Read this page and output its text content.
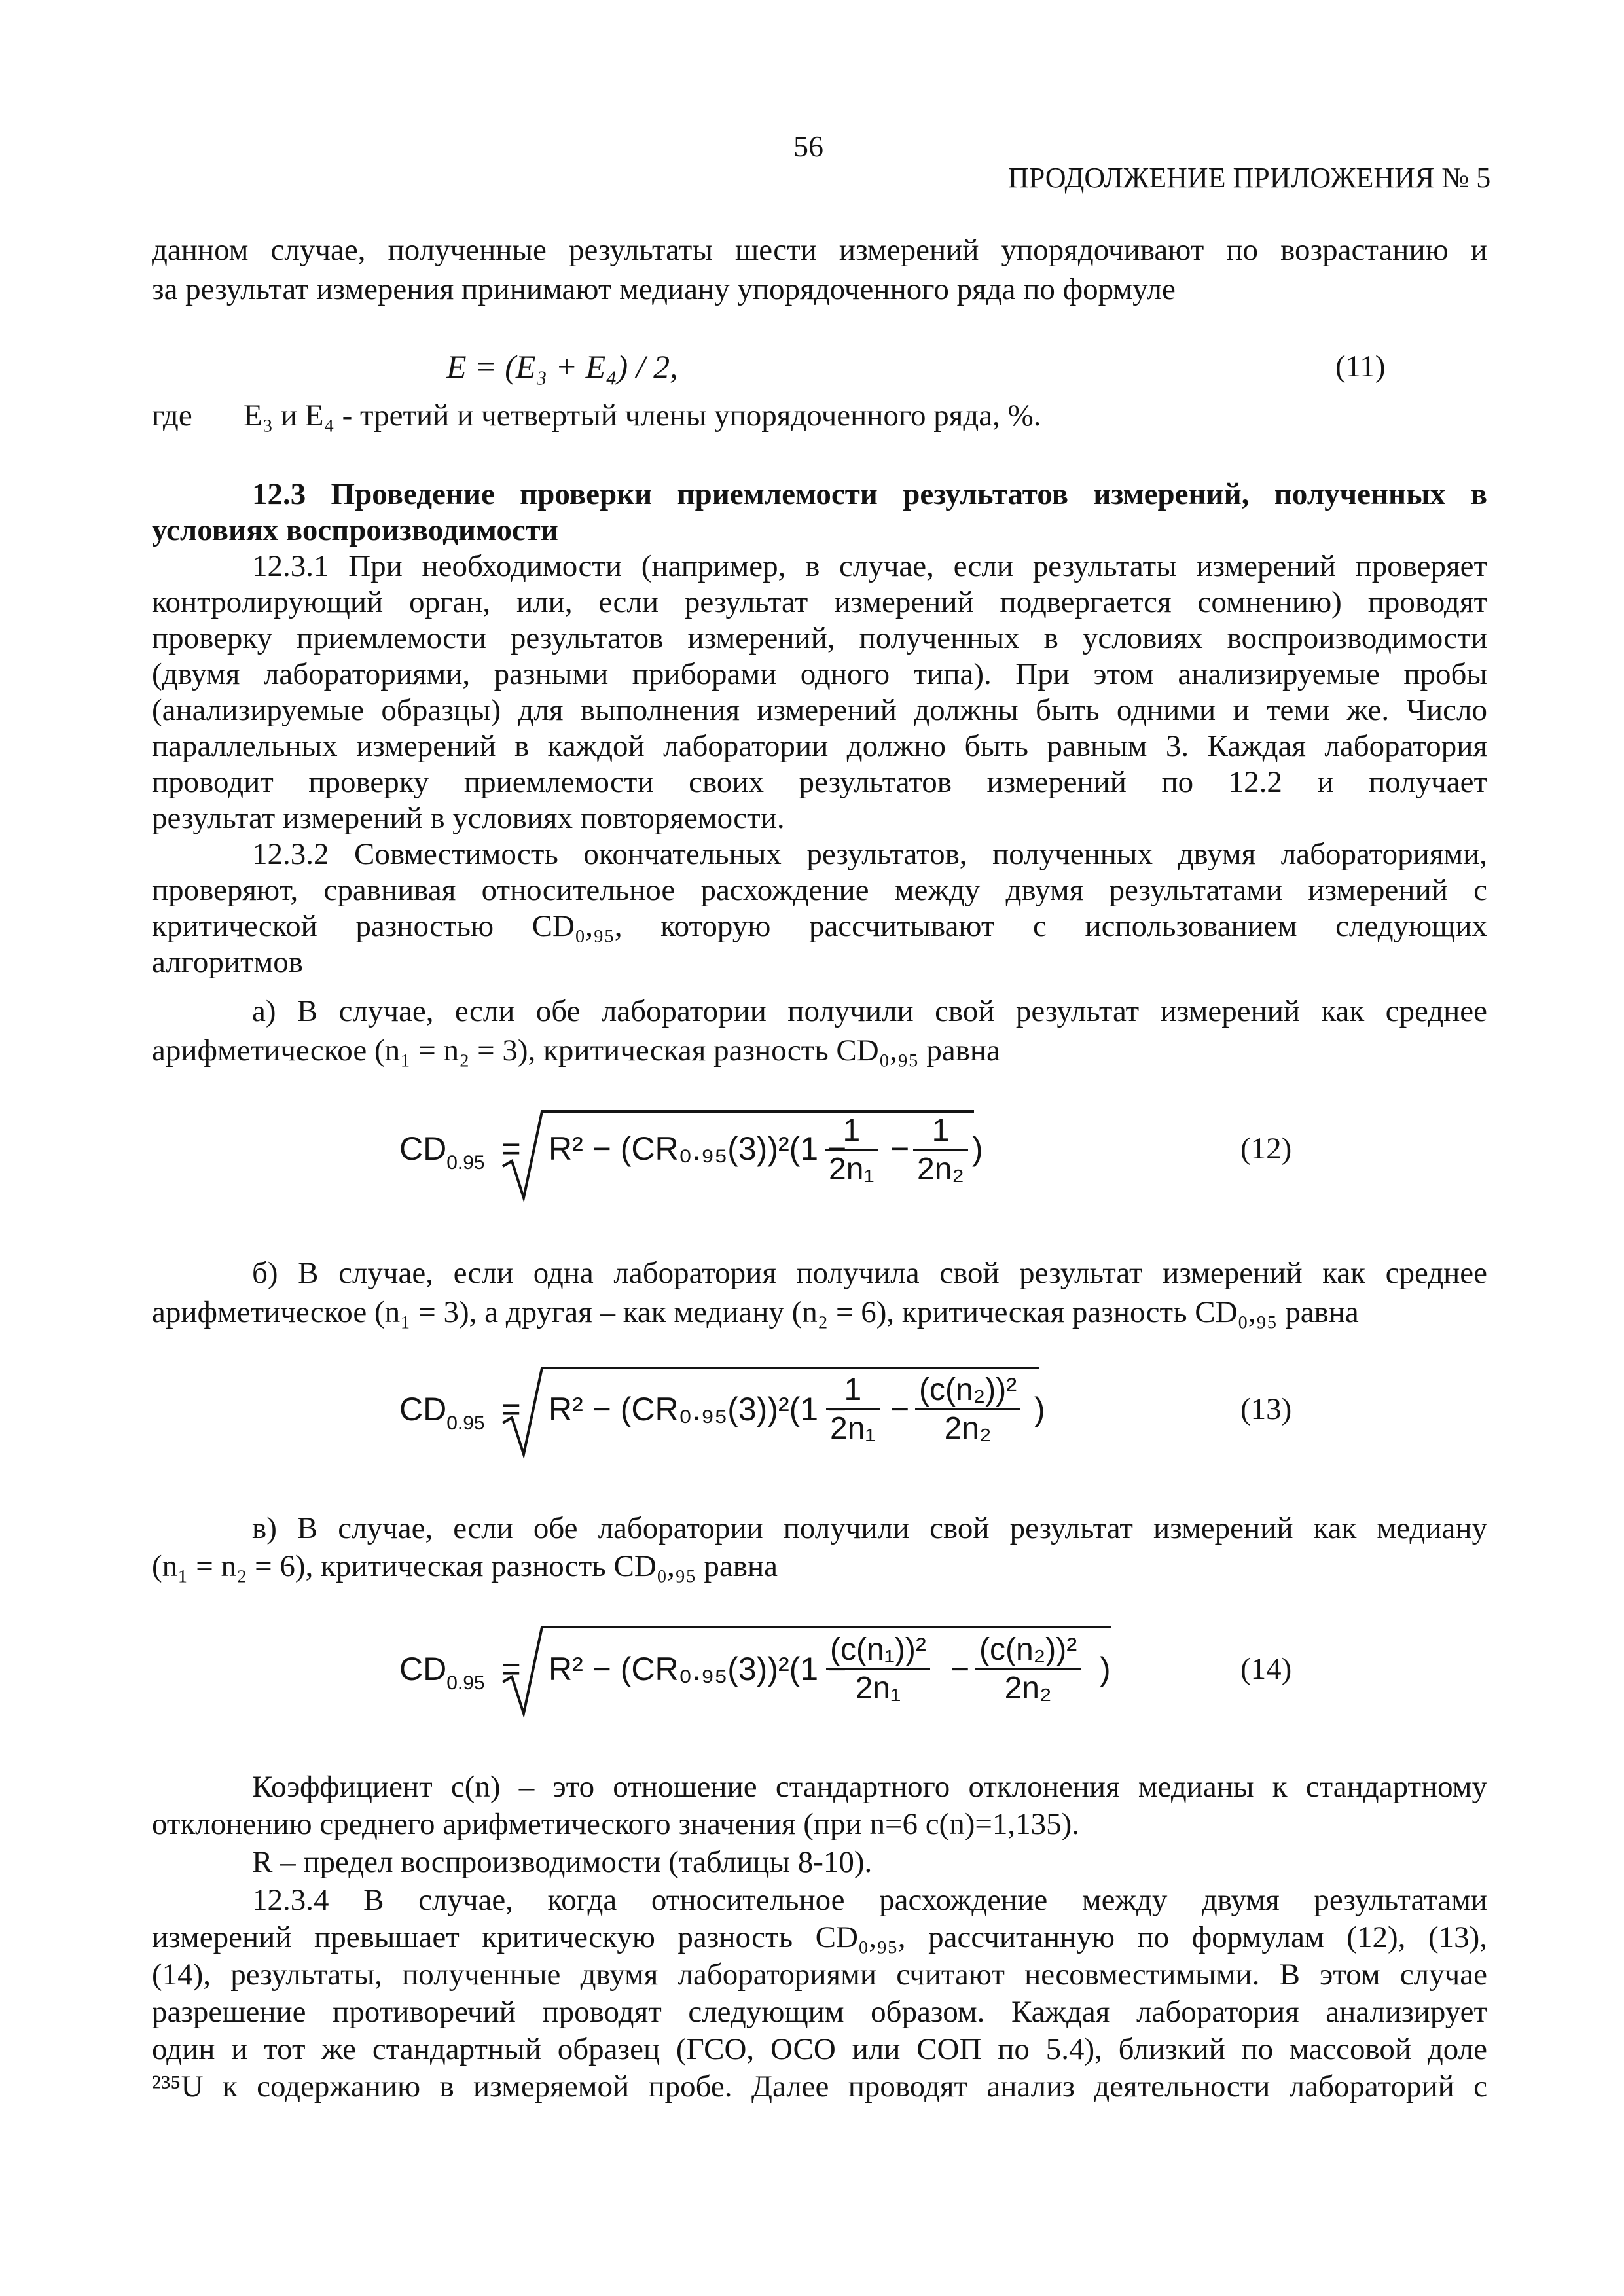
56
ПРОДОЛЖЕНИЕ ПРИЛОЖЕНИЯ № 5
данном случае, полученные результаты шести измерений упорядочивают по возрастанию и
за результат измерения принимают медиану упорядоченного ряда по формуле
E = (E₃ + E₄) / 2,	(11)
где E₃ и E₄ - третий и четвертый члены упорядоченного ряда, %.
12.3 Проведение проверки приемлемости результатов измерений, полученных в
условиях воспроизводимости
12.3.1 При необходимости (например, в случае, если результаты измерений проверяет
контролирующий орган, или, если результат измерений подвергается сомнению) проводят
проверку приемлемости результатов измерений, полученных в условиях воспроизводимости
(двумя лабораториями, разными приборами одного типа). При этом анализируемые пробы
(анализируемые образцы) для выполнения измерений должны быть одними и теми же. Число
параллельных измерений в каждой лаборатории должно быть равным 3. Каждая лаборатория
проводит проверку приемлемости своих результатов измерений по 12.2 и получает
результат измерений в условиях повторяемости.
12.3.2 Совместимость окончательных результатов, полученных двумя лабораториями,
проверяют, сравнивая относительное расхождение между двумя результатами измерений с
критической разностью CD₀,₉₅, которую рассчитывают с использованием следующих
алгоритмов
а) В случае, если обе лаборатории получили свой результат измерений как среднее
арифметическое (n₁ = n₂ = 3), критическая разность CD₀,₉₅ равна
$CD_{0.95} = R^2 - (CR_0._{95}(3))^2(1$ −
$\frac{1}{\text{2n₁}} - \frac{1}{\text{2n₂}}$ )	(12)
б) В случае, если одна лаборатория получила свой результат измерений как среднее
арифметическое (n₁ = 3), а другая – как медиану (n₂ = 6), критическая разность CD₀,₉₅ равна
$CD_{0.95} = R^2 - (CR_0._{95}(3))^2(1$ −
$\frac{1}{\text{2n₁}} - \frac{\text{(c(n₂))²}}{\text{2n₂}}$ )	(13)
в) В случае, если обе лаборатории получили свой результат измерений как медиану
(n₁ = n₂ = 6), критическая разность CD₀,₉₅ равна
$CD_{0.95} = R^2 - (CR_0._{95}(3))^2(1$ −
$\frac{\text{(c(n₁))²}}{\text{2n₁}} - \frac{\text{(c(n₂))²}}{\text{2n₂}}$ )	(14)
Коэффициент c(n) – это отношение стандартного отклонения медианы к стандартному
отклонению среднего арифметического значения (при n=6 c(n)=1,135).
R – предел воспроизводимости (таблицы 8-10).
12.3.4 В случае, когда относительное расхождение между двумя результатами
измерений превышает критическую разность CD₀,₉₅, рассчитанную по формулам (12), (13),
(14), результаты, полученные двумя лабораториями считают несовместимыми. В этом случае
разрешение противоречий проводят следующим образом. Каждая лаборатория анализирует
один и тот же стандартный образец (ГСО, ОСО или СОП по 5.4), близкий по массовой доле
²³⁵U к содержанию в измеряемой пробе. Далее проводят анализ деятельности лабораторий с
